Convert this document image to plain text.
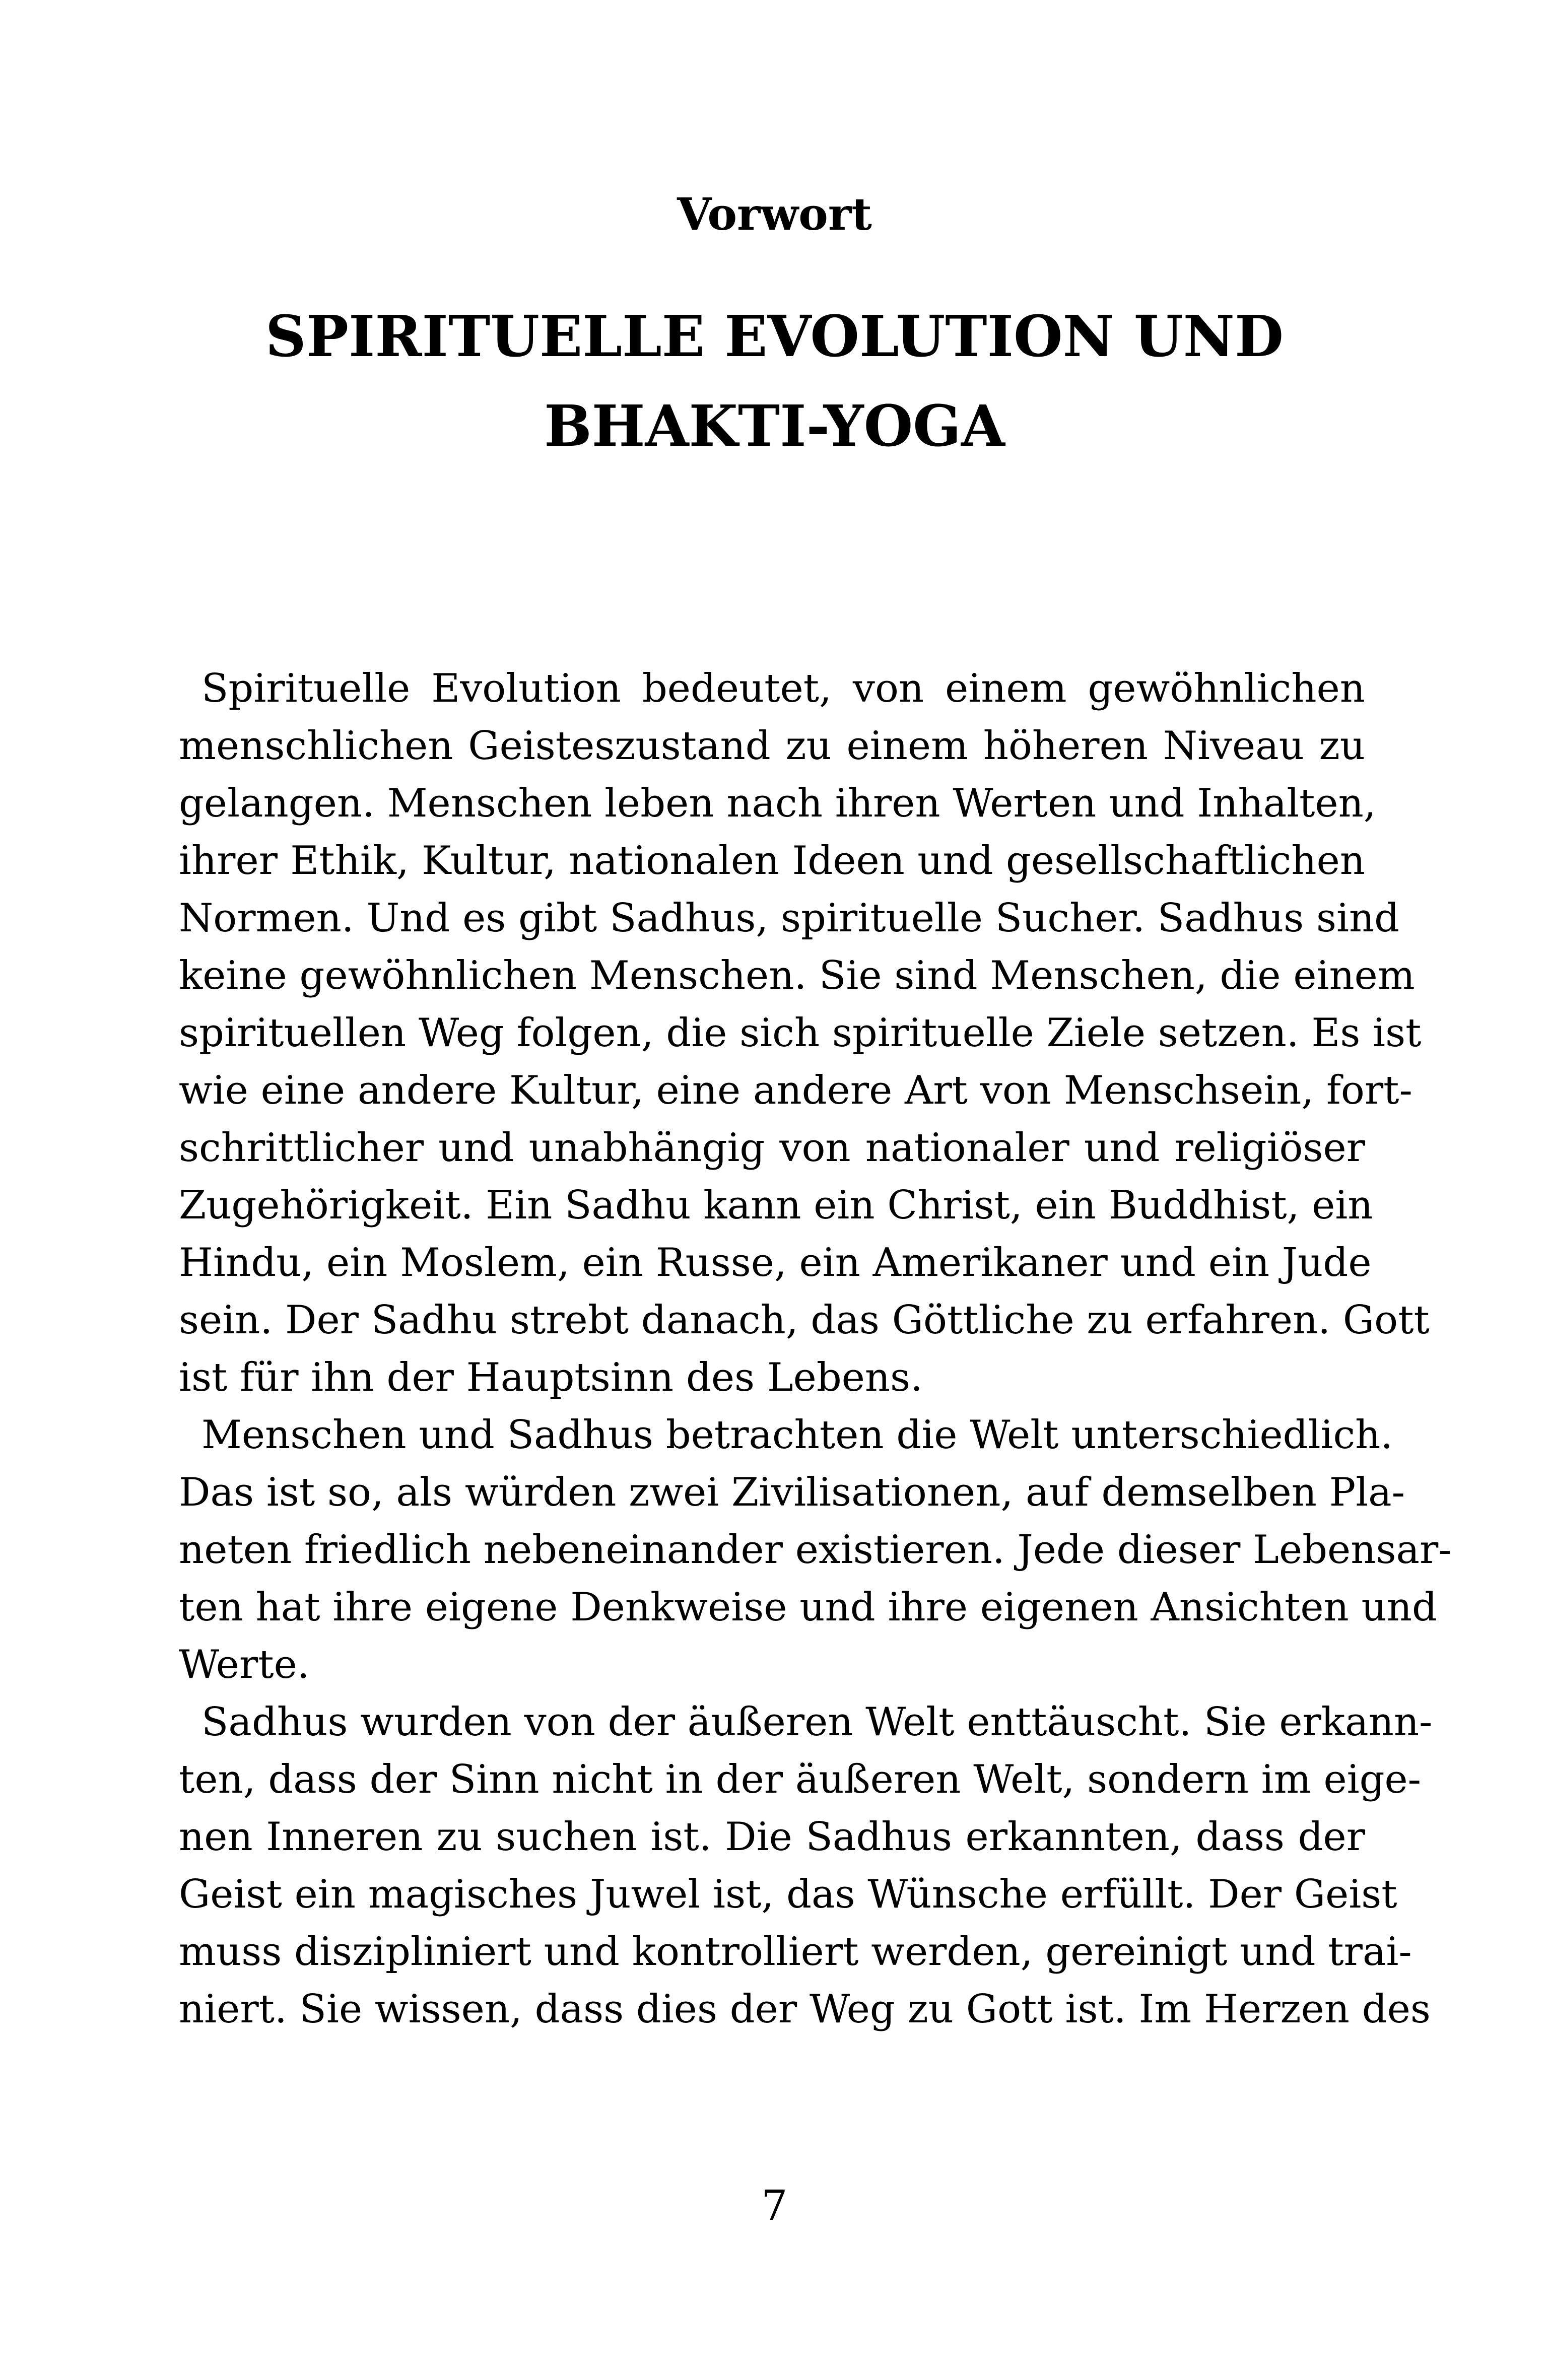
Vorwort
SPIRITUELLE EVOLUTION UND
BHAKTI-YOGA
Spirituelle Evolution bedeutet, von einem gewöhnlichen
menschlichen Geisteszustand zu einem höheren Niveau zu
gelangen. Menschen leben nach ihren Werten und Inhalten,
ihrer Ethik, Kultur, nationalen Ideen und gesellschaftlichen
Normen. Und es gibt Sadhus, spirituelle Sucher. Sadhus sind
keine gewöhnlichen Menschen. Sie sind Menschen, die einem
spirituellen Weg folgen, die sich spirituelle Ziele setzen. Es ist
wie eine andere Kultur, eine andere Art von Menschsein, fort-
schrittlicher und unabhängig von nationaler und religiöser
Zugehörigkeit. Ein Sadhu kann ein Christ, ein Buddhist, ein
Hindu, ein Moslem, ein Russe, ein Amerikaner und ein Jude
sein. Der Sadhu strebt danach, das Göttliche zu erfahren. Gott
ist für ihn der Hauptsinn des Lebens.
Menschen und Sadhus betrachten die Welt unterschiedlich.
Das ist so, als würden zwei Zivilisationen, auf demselben Pla-
neten friedlich nebeneinander existieren. Jede dieser Lebensar-
ten hat ihre eigene Denkweise und ihre eigenen Ansichten und
Werte.
Sadhus wurden von der äußeren Welt enttäuscht. Sie erkann-
ten, dass der Sinn nicht in der äußeren Welt, sondern im eige-
nen Inneren zu suchen ist. Die Sadhus erkannten, dass der
Geist ein magisches Juwel ist, das Wünsche erfüllt. Der Geist
muss diszipliniert und kontrolliert werden, gereinigt und trai-
niert. Sie wissen, dass dies der Weg zu Gott ist. Im Herzen des
7
